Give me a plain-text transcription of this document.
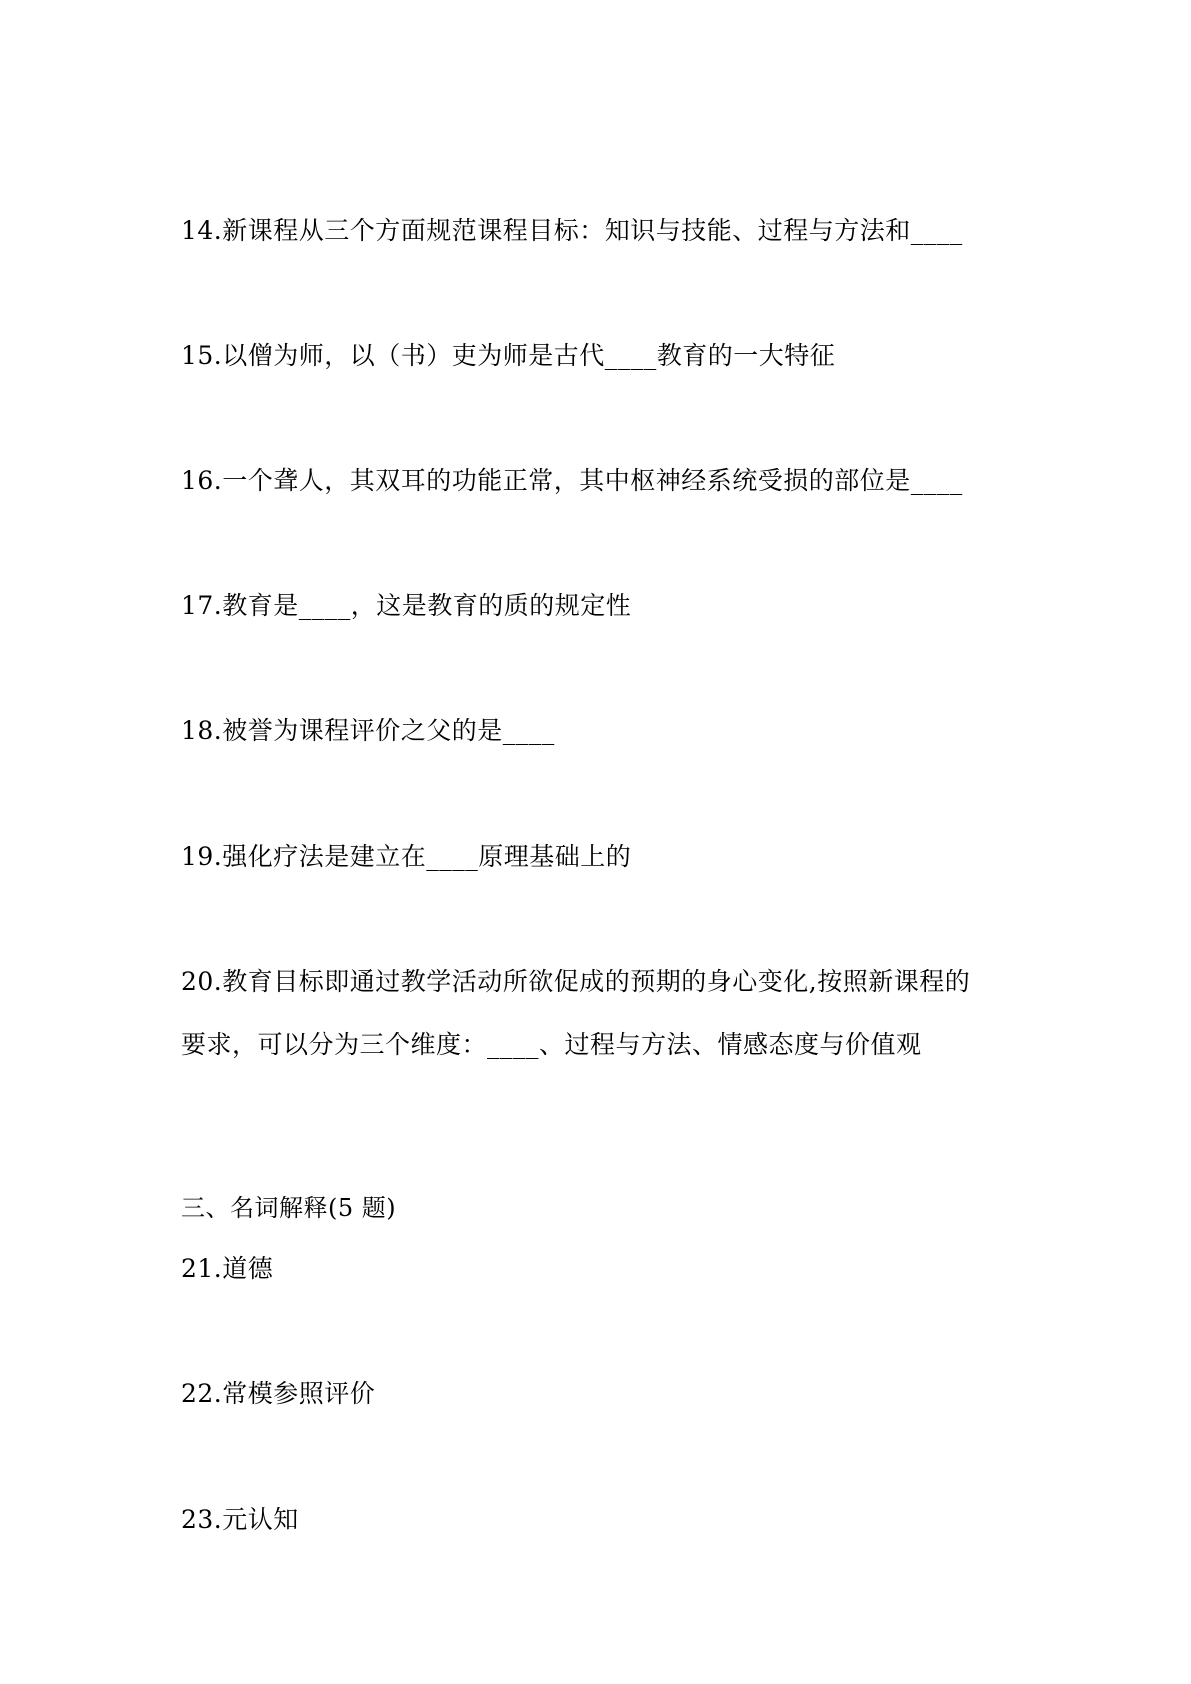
14.新课程从三个方面规范课程目标：知识与技能、过程与方法和____
15.以僧为师，以（书）吏为师是古代____教育的一大特征
16.一个聋人，其双耳的功能正常，其中枢神经系统受损的部位是____
17.教育是____，这是教育的质的规定性
18.被誉为课程评价之父的是____
19.强化疗法是建立在____原理基础上的
20.教育目标即通过教学活动所欲促成的预期的身心变化,按照新课程的
要求，可以分为三个维度：____、过程与方法、情感态度与价值观
三、名词解释(5 题)
21.道德
22.常模参照评价
23.元认知
